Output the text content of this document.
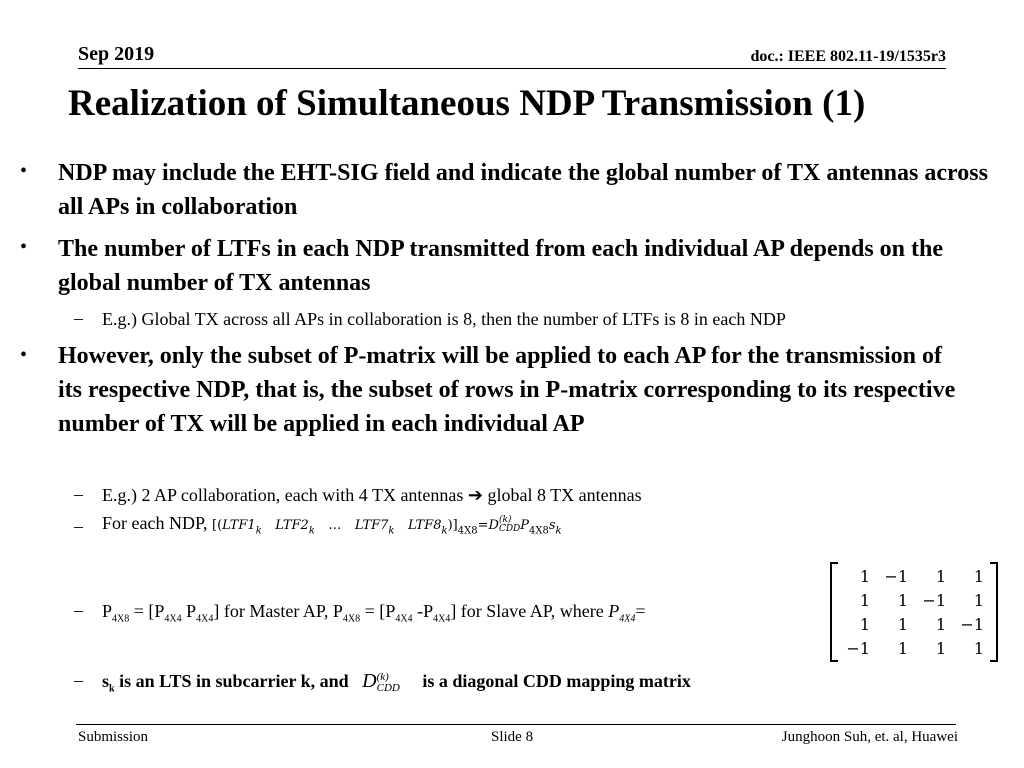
Sep 2019	doc.: IEEE 802.11-19/1535r3
Realization of Simultaneous NDP Transmission (1)
• NDP may include the EHT-SIG field and indicate the global number of TX antennas across all APs in collaboration
• The number of LTFs in each NDP transmitted from each individual AP depends on the global number of TX antennas
– E.g.) Global TX across all APs in collaboration is 8, then the number of LTFs is 8 in each NDP
• However, only the subset of P-matrix will be applied to each AP for the transmission of its respective NDP, that is, the subset of rows in P-matrix corresponding to its respective number of TX will be applied in each individual AP
– E.g.) 2 AP collaboration, each with 4 TX antennas ➔ global 8 TX antennas
– For each NDP, [($LTF1_k$ $LTF2_k$ … $LTF7_k$ $LTF8_k)]_{4X8}=D$ (k)
CDD $P_{4X8}s_k$
– $P_{4X8} = [P_{4X4}$ $P_{4X4}$] for Master AP, $P_{4X8} = [P_{4X4}$ $-P_{4X4}$] for Slave AP, where $P_{4X4}=$
1	−1	1	1
1	1	−1	1
1	1	1	−1
−1	1	1	1
– $s_k$ is an LTS in subcarrier k, and D (k)
CDD is a diagonal CDD mapping matrix
Submission	Slide 8	Junghoon Suh, et. al, Huawei
